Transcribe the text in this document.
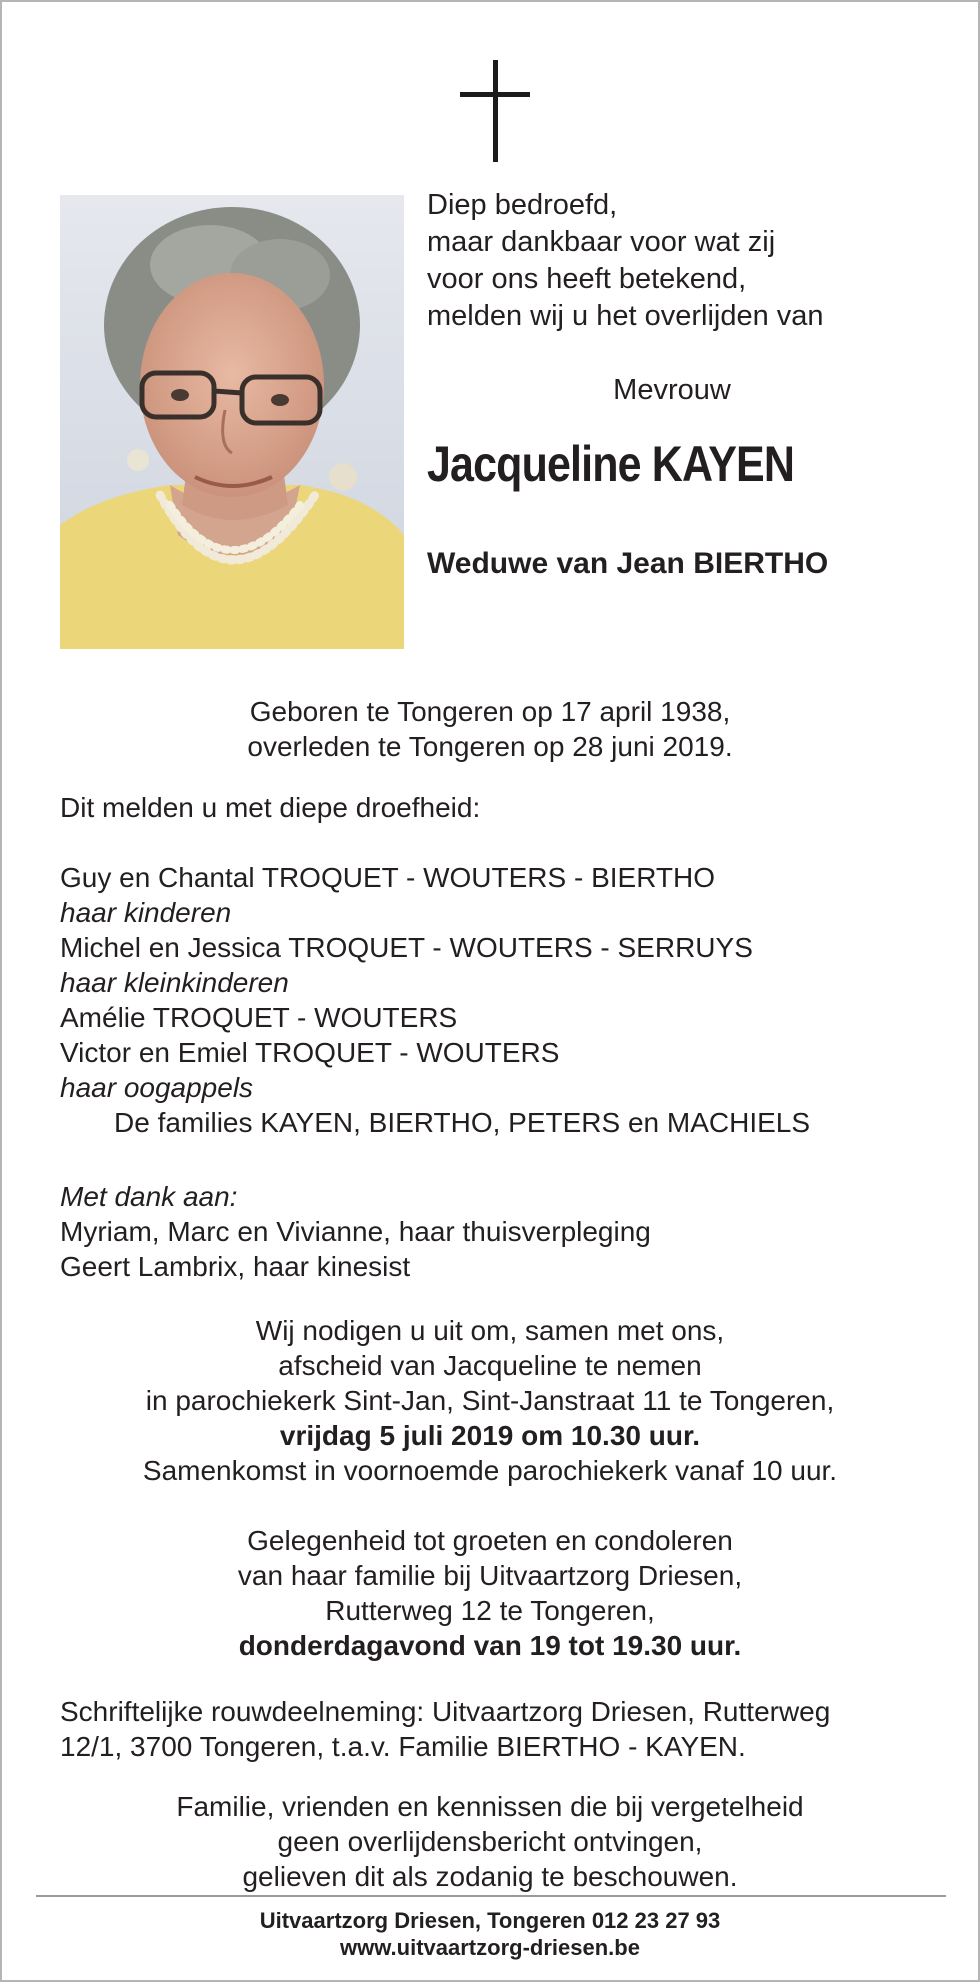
Diep bedroefd,
maar dankbaar voor wat zij
voor ons heeft betekend,
melden wij u het overlijden van
Mevrouw
Jacqueline KAYEN
Weduwe van Jean BIERTHO
Geboren te Tongeren op 17 april 1938,
overleden te Tongeren op 28 juni 2019.
Dit melden u met diepe droefheid:
Guy en Chantal TROQUET - WOUTERS - BIERTHO
haar kinderen
Michel en Jessica TROQUET - WOUTERS - SERRUYS
haar kleinkinderen
Amélie TROQUET - WOUTERS
Victor en Emiel TROQUET - WOUTERS
haar oogappels
De families KAYEN, BIERTHO, PETERS en MACHIELS
Met dank aan:
Myriam, Marc en Vivianne, haar thuisverpleging
Geert Lambrix, haar kinesist
Wij nodigen u uit om, samen met ons,
afscheid van Jacqueline te nemen
in parochiekerk Sint-Jan, Sint-Janstraat 11 te Tongeren,
vrijdag 5 juli 2019 om 10.30 uur.
Samenkomst in voornoemde parochiekerk vanaf 10 uur.
Gelegenheid tot groeten en condoleren
van haar familie bij Uitvaartzorg Driesen,
Rutterweg 12 te Tongeren,
donderdagavond van 19 tot 19.30 uur.
Schriftelijke rouwdeelneming: Uitvaartzorg Driesen, Rutterweg
12/1, 3700 Tongeren, t.a.v. Familie BIERTHO - KAYEN.
Familie, vrienden en kennissen die bij vergetelheid
geen overlijdensbericht ontvingen,
gelieven dit als zodanig te beschouwen.
Uitvaartzorg Driesen, Tongeren 012 23 27 93
www.uitvaartzorg-driesen.be
